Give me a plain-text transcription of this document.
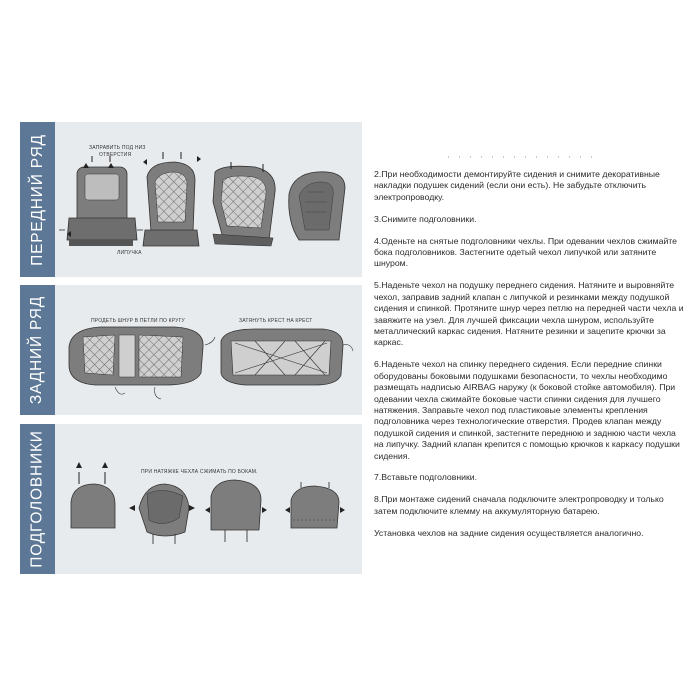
ПЕРЕДНИЙ РЯД
ЗАДНИЙ РЯД
ПОДГОЛОВНИКИ
ЗАПРАВИТЬ ПОД НИЗ
ОТВЕРСТИЯ
ЛИПУЧКА
ПРОДЕТЬ ШНУР В ПЕТЛИ ПО КРУГУ	ЗАТЯНУТЬ КРЕСТ НА КРЕСТ
ПРИ НАТЯЖКЕ ЧЕХЛА СЖИМАТЬ ПО БОКАМ.

2.При необходимости демонтируйте сидения и снимите декоративные накладки подушек сидений (если они есть). Не забудьте отключить электропроводку.

3.Снимите подголовники.

4.Оденьте на снятые подголовники чехлы. При одевании чехлов сжимайте бока подголовников. Застегните одетый чехол липучкой или затяните шнуром.

5.Наденьте чехол на подушку переднего сидения. Натяните и выровняйте чехол, заправив задний клапан с липучкой и резинками между подушкой сидения и спинкой. Протяните шнур через петлю на передней части чехла и завяжите на узел. Для лучшей фиксации чехла шнуром, используйте металлический каркас сидения. Натяните резинки и зацепите крючки за каркас.

6.Наденьте чехол на спинку переднего сидения. Если передние спинки оборудованы боковыми подушками безопасности, то чехлы необходимо размещать надписью AIRBAG наружу (к боковой стойке автомобиля). При одевании чехла сжимайте боковые части спинки сидения для лучшего натяжения. Заправьте чехол под пластиковые элементы крепления подголовника через технологические отверстия. Продев клапан между подушкой сидения и спинкой, застегните переднюю и заднюю части чехла на липучку. Задний клапан крепится с помощью крючков к каркасу подушки сидения.

7.Вставьте подголовники.

8.При монтаже сидений сначала подключите электропроводку и только затем подключите клемму на аккумуляторную батарею.

Установка чехлов на задние сидения осуществляется аналогично.
